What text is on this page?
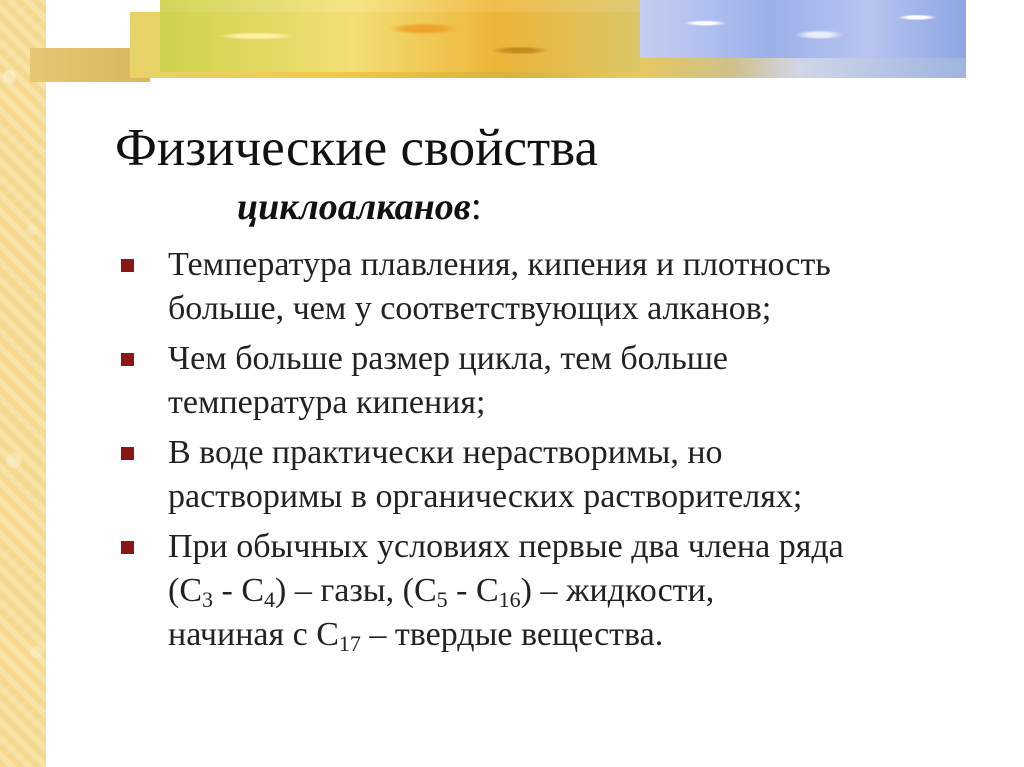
Физические свойства
циклоалканов:
Температура плавления, кипения и плотность
больше, чем у соответствующих алканов;
Чем больше размер цикла, тем больше
температура кипения;
В воде практически нерастворимы, но
растворимы в органических растворителях;
При обычных условиях первые два члена ряда
$(С_3 - С_4)$ – газы, $(С_5 - С_{16})$ – жидкости,
начиная с $С_{17}$ – твердые вещества.
